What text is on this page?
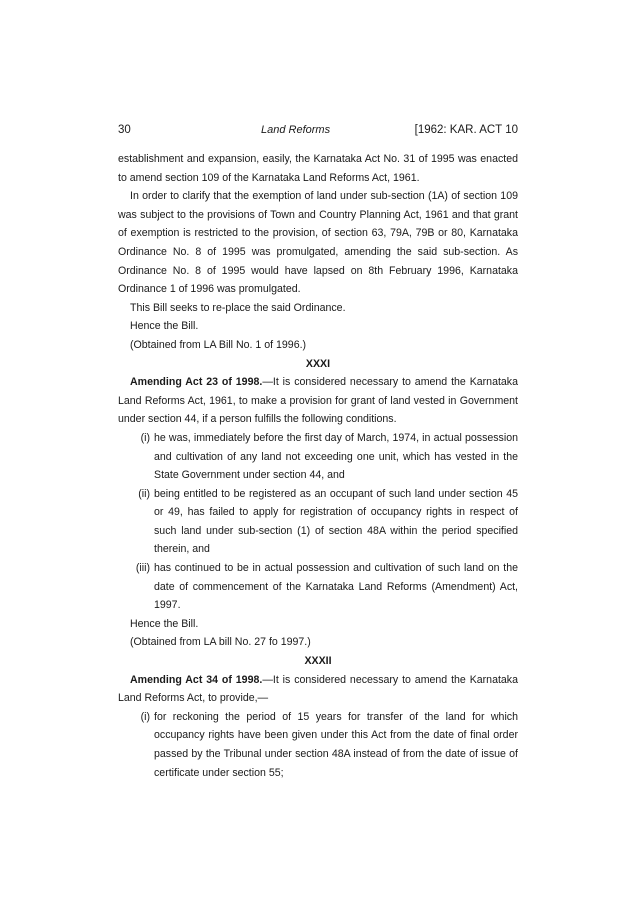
30	Land Reforms	[1962: KAR. ACT 10

establishment and expansion, easily, the Karnataka Act No. 31 of 1995 was enacted to amend section 109 of the Karnataka Land Reforms Act, 1961.

In order to clarify that the exemption of land under sub-section (1A) of section 109 was subject to the provisions of Town and Country Planning Act, 1961 and that grant of exemption is restricted to the provision, of section 63, 79A, 79B or 80, Karnataka Ordinance No. 8 of 1995 was promulgated, amending the said sub-section. As Ordinance No. 8 of 1995 would have lapsed on 8th February 1996, Karnataka Ordinance 1 of 1996 was promulgated.

This Bill seeks to re-place the said Ordinance.

Hence the Bill.

(Obtained from LA Bill No. 1 of 1996.)

XXXI

Amending Act 23 of 1998.—It is considered necessary to amend the Karnataka Land Reforms Act, 1961, to make a provision for grant of land vested in Government under section 44, if a person fulfills the following conditions.

(i) he was, immediately before the first day of March, 1974, in actual possession and cultivation of any land not exceeding one unit, which has vested in the State Government under section 44, and
(ii) being entitled to be registered as an occupant of such land under section 45 or 49, has failed to apply for registration of occupancy rights in respect of such land under sub-section (1) of section 48A within the period specified therein, and
(iii) has continued to be in actual possession and cultivation of such land on the date of commencement of the Karnataka Land Reforms (Amendment) Act, 1997.

Hence the Bill.

(Obtained from LA bill No. 27 fo 1997.)

XXXII

Amending Act 34 of 1998.—It is considered necessary to amend the Karnataka Land Reforms Act, to provide,—

(i) for reckoning the period of 15 years for transfer of the land for which occupancy rights have been given under this Act from the date of final order passed by the Tribunal under section 48A instead of from the date of issue of certificate under section 55;
